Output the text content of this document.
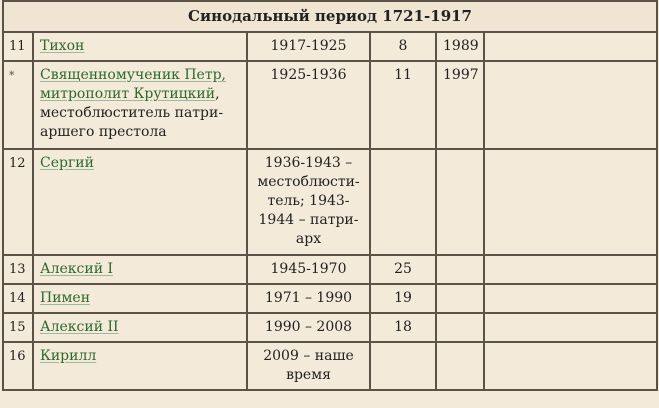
Синодальный период 1721-1917					
11	Тихон	1917-1925	8	1989	
*	Священномученик Петр, митрополит Крутицкий, местоблюститель патри-аршего престола	1925-1936	11	1997	
12	Сергий	1936-1943 – местоблюсти-тель; 1943-1944 – патри-арх			
13	Алексий I	1945-1970	25		
14	Пимен	1971 – 1990	19		
15	Алексий II	1990 – 2008	18		
16	Кирилл	2009 – наше время			
